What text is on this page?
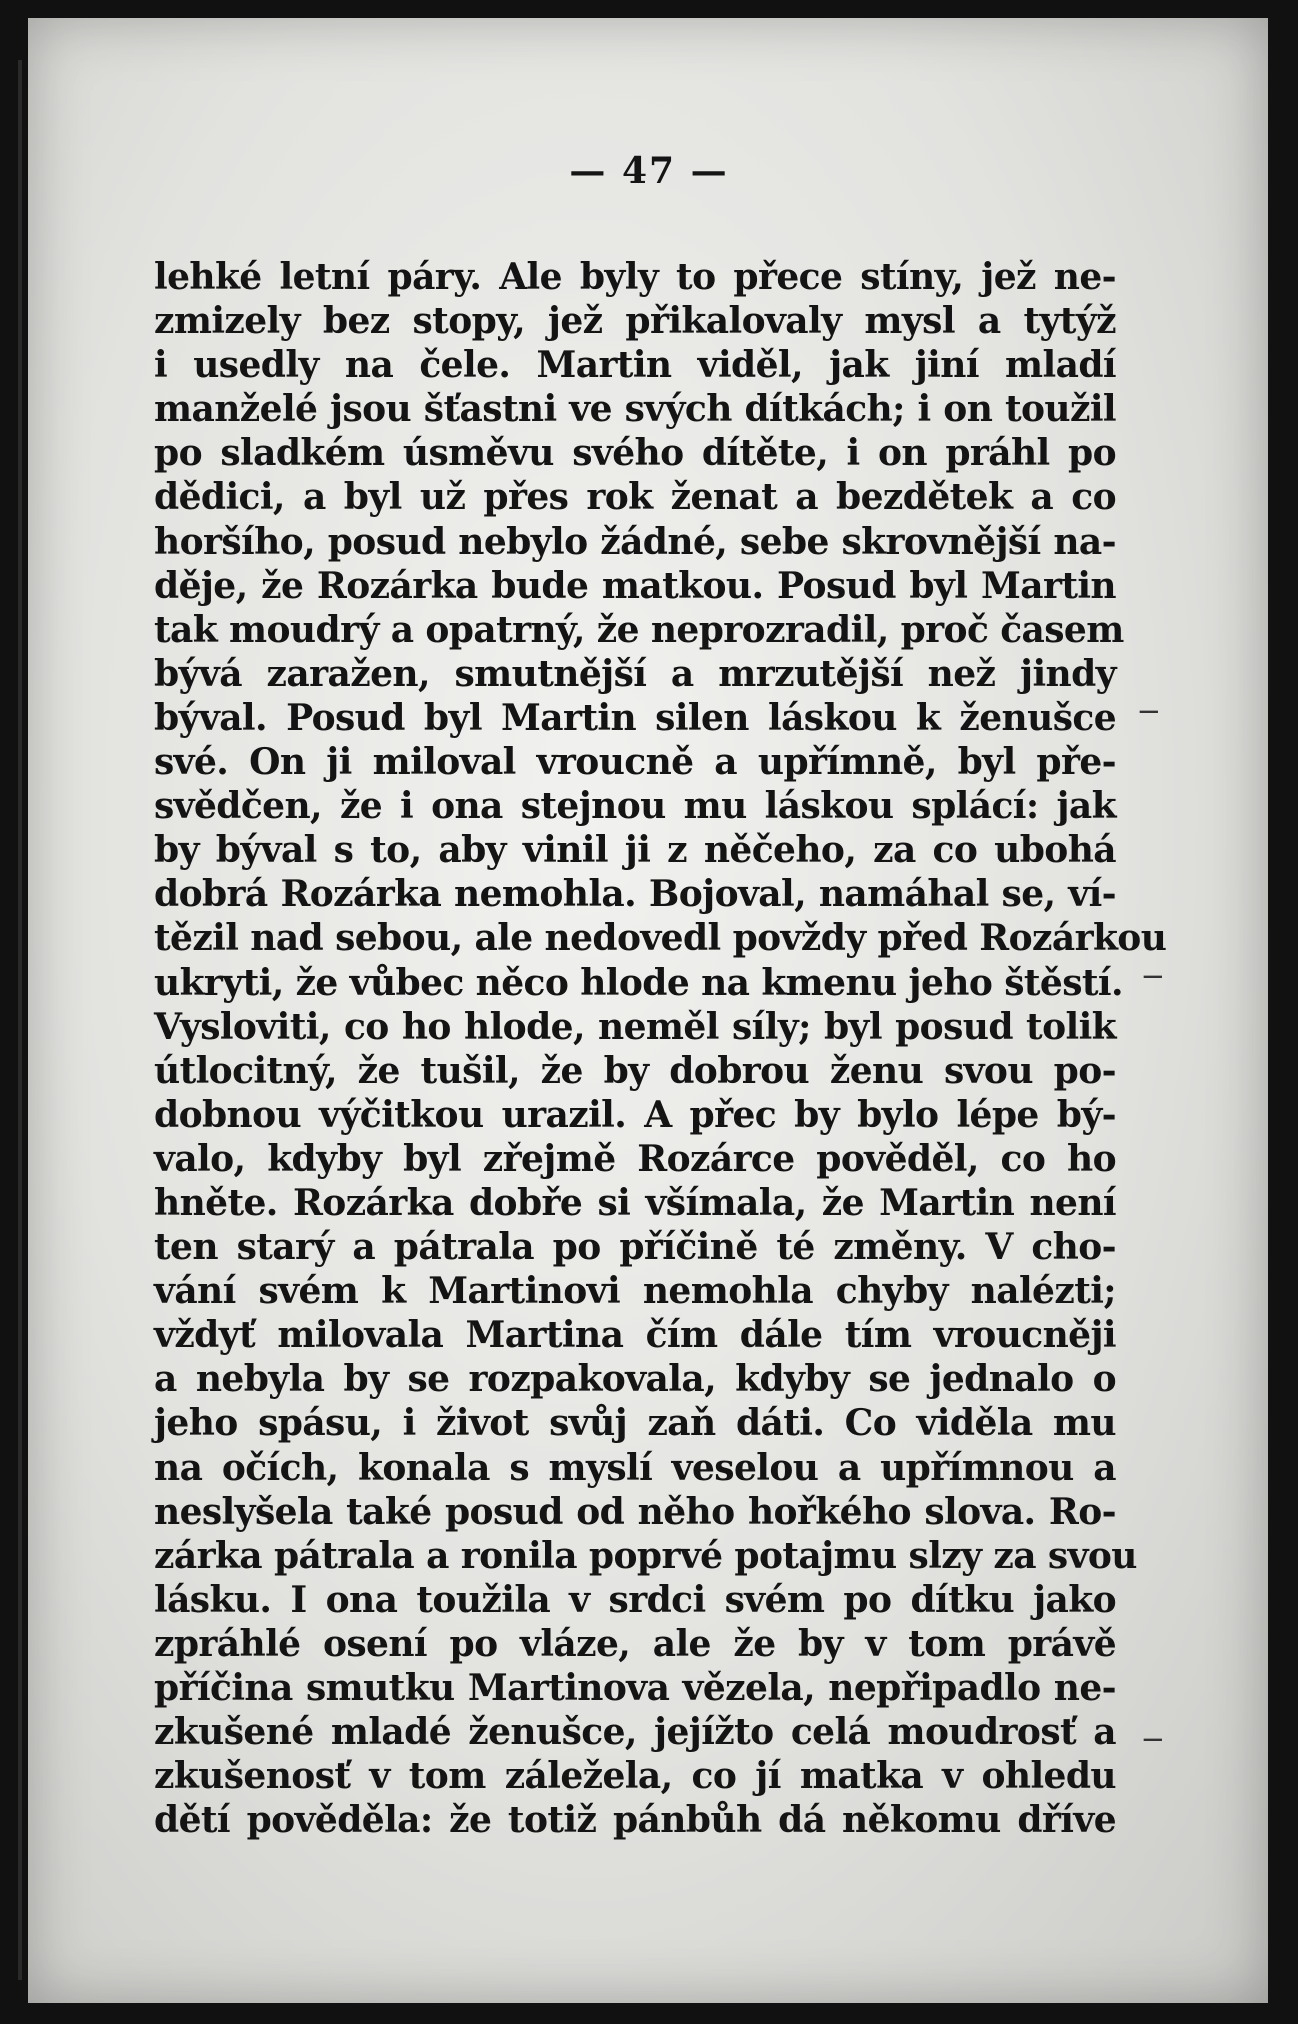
— 47 —
lehké letní páry. Ale byly to přece stíny, jež ne-
zmizely bez stopy, jež přikalovaly mysl a tytýž
i usedly na čele. Martin viděl, jak jiní mladí
manželé jsou šťastni ve svých dítkách; i on toužil
po sladkém úsměvu svého dítěte, i on práhl po
dědici, a byl už přes rok ženat a bezdětek a co
horšího, posud nebylo žádné, sebe skrovnější na-
děje, že Rozárka bude matkou. Posud byl Martin
tak moudrý a opatrný, že neprozradil, proč časem
bývá zaražen, smutnější a mrzutější než jindy
býval. Posud byl Martin silen láskou k ženušce
své. On ji miloval vroucně a upřímně, byl pře-
svědčen, že i ona stejnou mu láskou splácí: jak
by býval s to, aby vinil ji z něčeho, za co ubohá
dobrá Rozárka nemohla. Bojoval, namáhal se, ví-
tězil nad sebou, ale nedovedl povždy před Rozárkou
ukryti, že vůbec něco hlode na kmenu jeho štěstí.
Vysloviti, co ho hlode, neměl síly; byl posud tolik
útlocitný, že tušil, že by dobrou ženu svou po-
dobnou výčitkou urazil. A přec by bylo lépe bý-
valo, kdyby byl zřejmě Rozárce pověděl, co ho
hněte. Rozárka dobře si všímala, že Martin není
ten starý a pátrala po příčině té změny. V cho-
vání svém k Martinovi nemohla chyby nalézti;
vždyť milovala Martina čím dále tím vroucněji
a nebyla by se rozpakovala, kdyby se jednalo o
jeho spásu, i život svůj zaň dáti. Co viděla mu
na očích, konala s myslí veselou a upřímnou a
neslyšela také posud od něho hořkého slova. Ro-
zárka pátrala a ronila poprvé potajmu slzy za svou
lásku. I ona toužila v srdci svém po dítku jako
zpráhlé osení po vláze, ale že by v tom právě
příčina smutku Martinova vězela, nepřipadlo ne-
zkušené mladé ženušce, jejížto celá moudrosť a
zkušenosť v tom záležela, co jí matka v ohledu
dětí pověděla: že totiž pánbůh dá někomu dříve
‒
‒
‒
